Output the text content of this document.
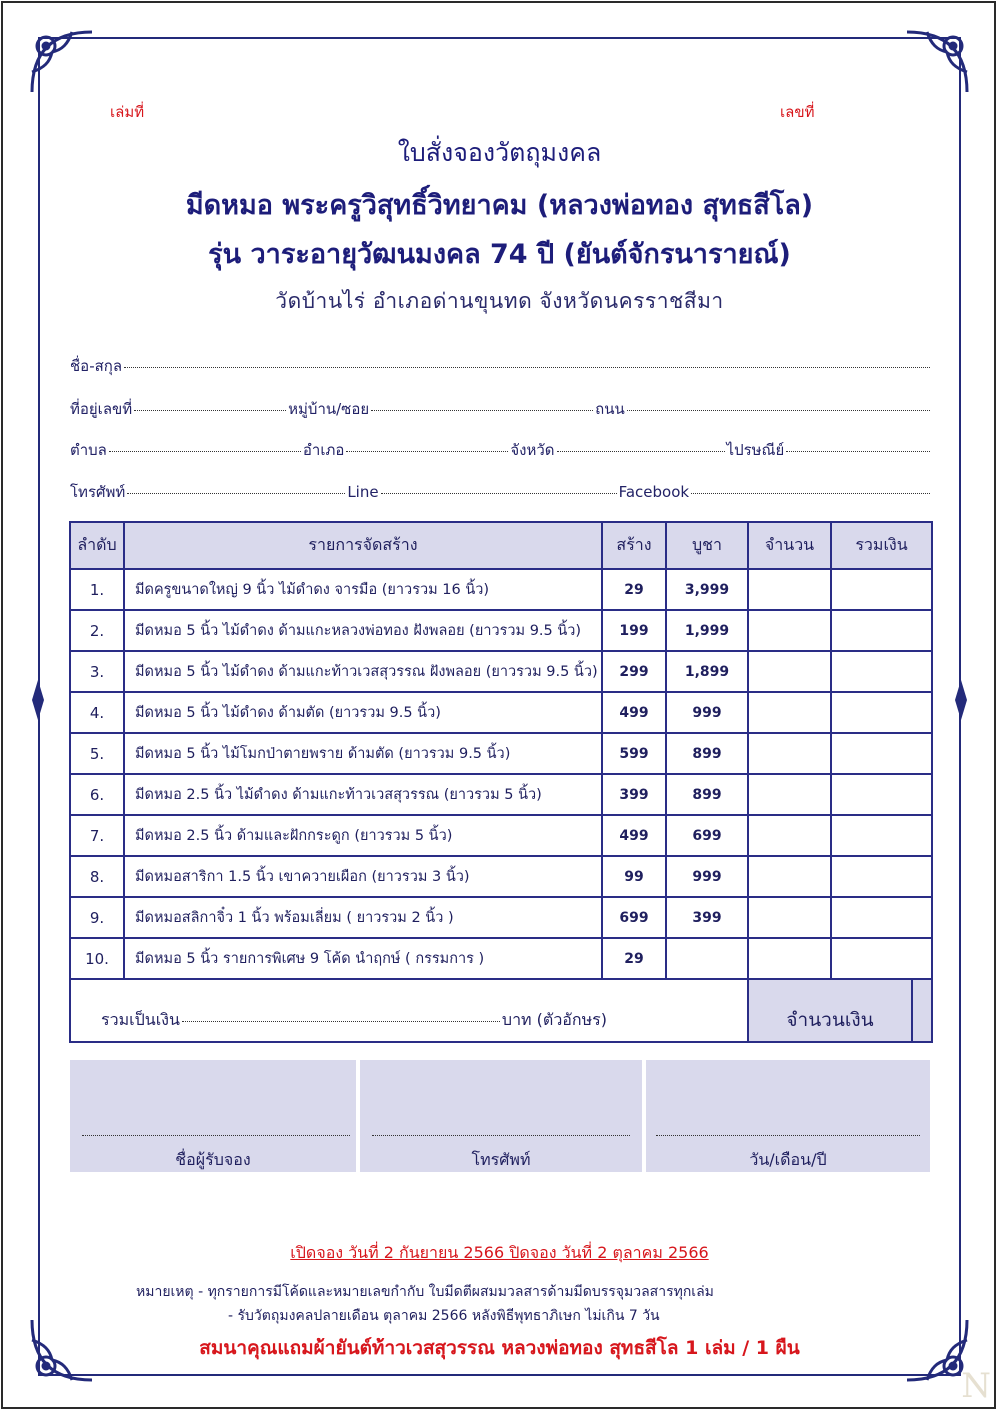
เล่มที่	เลขที่
ใบสั่งจองวัตถุมงคล
มีดหมอ พระครูวิสุทธิ์วิทยาคม (หลวงพ่อทอง สุทธสีโล)
รุ่น วาระอายุวัฒนมงคล 74 ปี (ยันต์จักรนารายณ์)
วัดบ้านไร่ อำเภอด่านขุนทด จังหวัดนครราชสีมา
ชื่อ-สกุล
ที่อยู่เลขที่	หมู่บ้าน/ซอย	ถนน
ตำบล	อำเภอ	จังหวัด	ไปรษณีย์
โทรศัพท์	Line	Facebook
ลำดับ	รายการจัดสร้าง	สร้าง	บูชา	จำนวน	รวมเงิน
1.	มีดครูขนาดใหญ่ 9 นิ้ว ไม้ดำดง จารมือ (ยาวรวม 16 นิ้ว)	29	3,999		
2.	มีดหมอ 5 นิ้ว ไม้ดำดง ด้ามแกะหลวงพ่อทอง ฝังพลอย (ยาวรวม 9.5 นิ้ว)	199	1,999		
3.	มีดหมอ 5 นิ้ว ไม้ดำดง ด้ามแกะท้าวเวสสุวรรณ ฝังพลอย (ยาวรวม 9.5 นิ้ว)	299	1,899		
4.	มีดหมอ 5 นิ้ว ไม้ดำดง ด้ามตัด (ยาวรวม 9.5 นิ้ว)	499	999		
5.	มีดหมอ 5 นิ้ว ไม้โมกป่าตายพราย ด้ามตัด (ยาวรวม 9.5 นิ้ว)	599	899		
6.	มีดหมอ 2.5 นิ้ว ไม้ดำดง ด้ามแกะท้าวเวสสุวรรณ (ยาวรวม 5 นิ้ว)	399	899		
7.	มีดหมอ 2.5 นิ้ว ด้ามและฝักกระดูก (ยาวรวม 5 นิ้ว)	499	699		
8.	มีดหมอสาริกา 1.5 นิ้ว เขาควายเผือก (ยาวรวม 3 นิ้ว)	99	999		
9.	มีดหมอสลิกาจิ๋ว 1 นิ้ว พร้อมเลี่ยม ( ยาวรวม 2 นิ้ว )	699	399		
10.	มีดหมอ 5 นิ้ว รายการพิเศษ 9 โค้ด นำฤกษ์ ( กรรมการ )	29			
รวมเป็นเงิน บาท (ตัวอักษร)				จำนวนเงิน	
ชื่อผู้รับจอง	โทรศัพท์	วัน/เดือน/ปี
เปิดจอง วันที่ 2 กันยายน 2566 ปิดจอง วันที่ 2 ตุลาคม 2566
หมายเหตุ - ทุกรายการมีโค้ดและหมายเลขกำกับ ใบมีดตีผสมมวลสารด้ามมีดบรรจุมวลสารทุกเล่ม
- รับวัตถุมงคลปลายเดือน ตุลาคม 2566 หลังพิธีพุทธาภิเษก ไม่เกิน 7 วัน
สมนาคุณแถมผ้ายันต์ท้าวเวสสุวรรณ หลวงพ่อทอง สุทธสีโล 1 เล่ม / 1 ผืน
N
